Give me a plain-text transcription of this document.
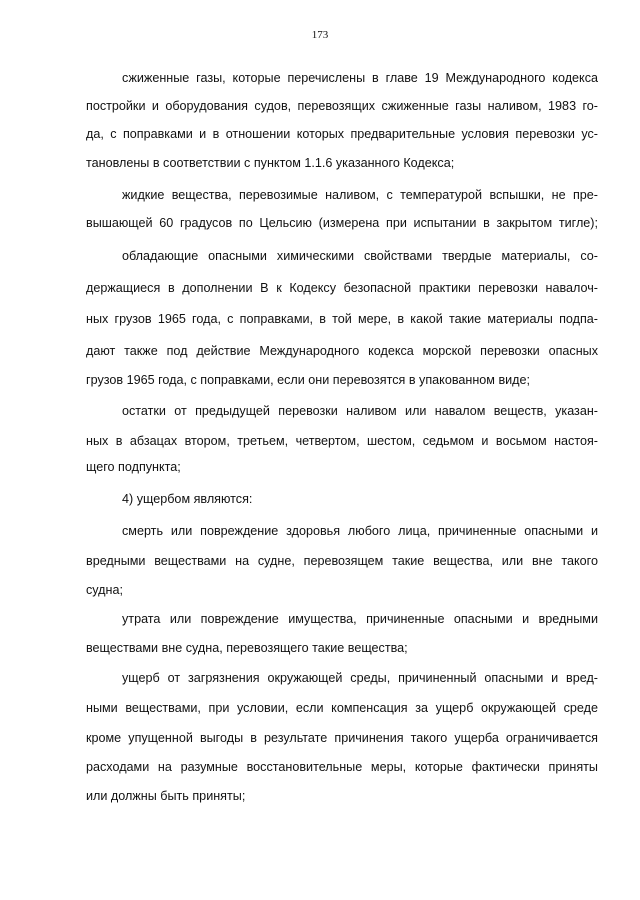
173
сжиженные газы, которые перечислены в главе 19 Международного кодекса
постройки и оборудования судов, перевозящих сжиженные газы наливом, 1983 го-
да, с поправками и в отношении которых предварительные условия перевозки ус-
тановлены в соответствии с пунктом 1.1.6 указанного Кодекса;
жидкие вещества, перевозимые наливом, с температурой вспышки, не пре-
вышающей 60 градусов по Цельсию (измерена при испытании в закрытом тигле);
обладающие опасными химическими свойствами твердые материалы, со-
держащиеся в дополнении В к Кодексу безопасной практики перевозки навалоч-
ных грузов 1965 года, с поправками, в той мере, в какой такие материалы подпа-
дают также под действие Международного кодекса морской перевозки опасных
грузов 1965 года, с поправками, если они перевозятся в упакованном виде;
остатки от предыдущей перевозки наливом или навалом веществ, указан-
ных в абзацах втором, третьем, четвертом, шестом, седьмом и восьмом настоя-
щего подпункта;
4) ущербом являются:
смерть или повреждение здоровья любого лица, причиненные опасными и
вредными веществами на судне, перевозящем такие вещества, или вне такого
судна;
утрата или повреждение имущества, причиненные опасными и вредными
веществами вне судна, перевозящего такие вещества;
ущерб от загрязнения окружающей среды, причиненный опасными и вред-
ными веществами, при условии, если компенсация за ущерб окружающей среде
кроме упущенной выгоды в результате причинения такого ущерба ограничивается
расходами на разумные восстановительные меры, которые фактически приняты
или должны быть приняты;
